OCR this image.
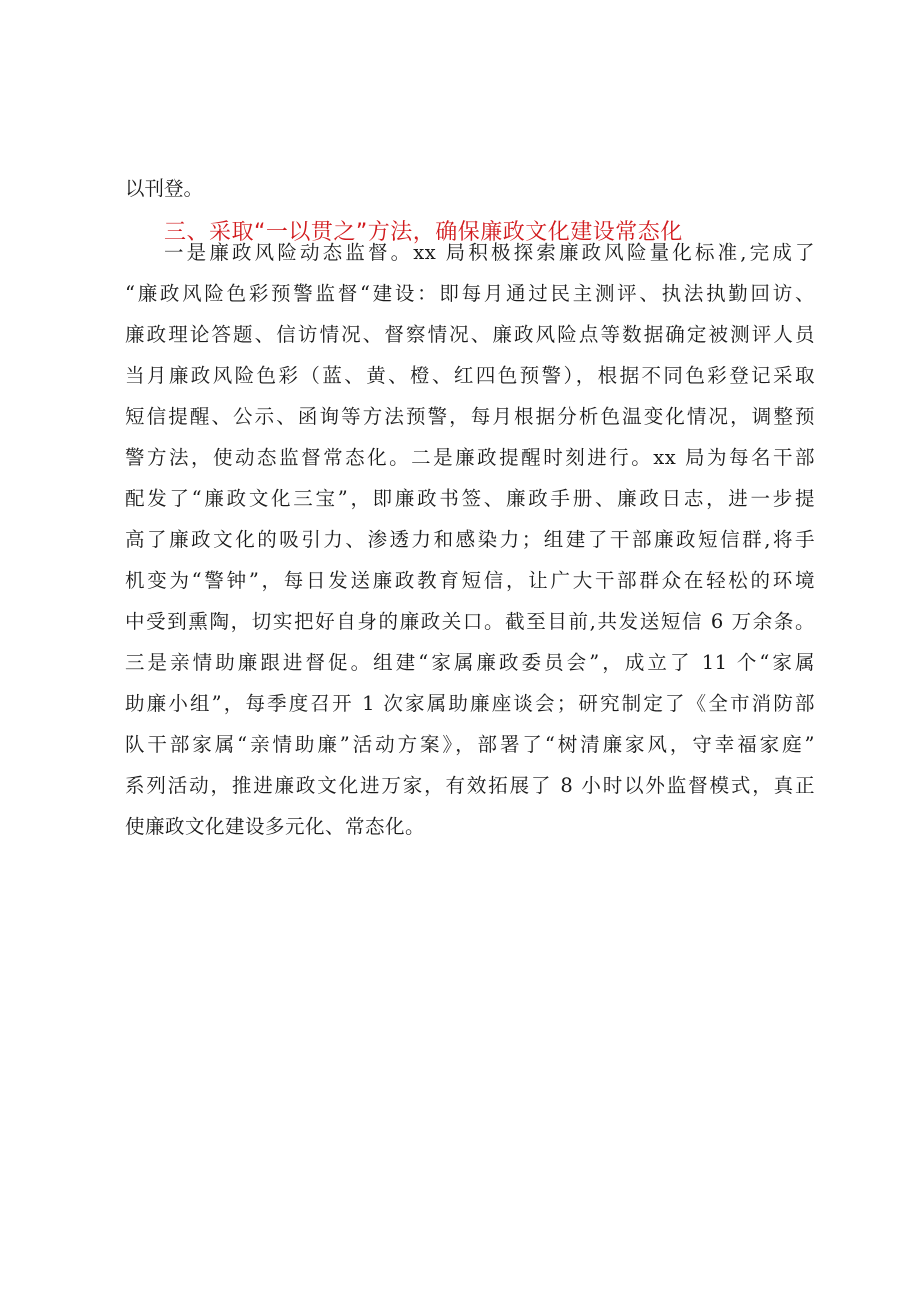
以刊登。
三、采取“一以贯之”方法，确保廉政文化建设常态化
一是廉政风险动态监督。xx 局积极探索廉政风险量化标准,完成了
“廉政风险色彩预警监督“建设：即每月通过民主测评、执法执勤回访、
廉政理论答题、信访情况、督察情况、廉政风险点等数据确定被测评人员
当月廉政风险色彩（蓝、黄、橙、红四色预警），根据不同色彩登记采取
短信提醒、公示、函询等方法预警，每月根据分析色温变化情况，调整预
警方法，使动态监督常态化。二是廉政提醒时刻进行。xx 局为每名干部
配发了“廉政文化三宝”，即廉政书签、廉政手册、廉政日志，进一步提
高了廉政文化的吸引力、渗透力和感染力；组建了干部廉政短信群,将手
机变为“警钟”，每日发送廉政教育短信，让广大干部群众在轻松的环境
中受到熏陶，切实把好自身的廉政关口。截至目前,共发送短信 6 万余条。
三是亲情助廉跟进督促。组建“家属廉政委员会”，成立了 11 个“家属
助廉小组”，每季度召开 1 次家属助廉座谈会；研究制定了《全市消防部
队干部家属“亲情助廉”活动方案》，部署了“树清廉家风，守幸福家庭”
系列活动，推进廉政文化进万家，有效拓展了 8 小时以外监督模式，真正
使廉政文化建设多元化、常态化。
